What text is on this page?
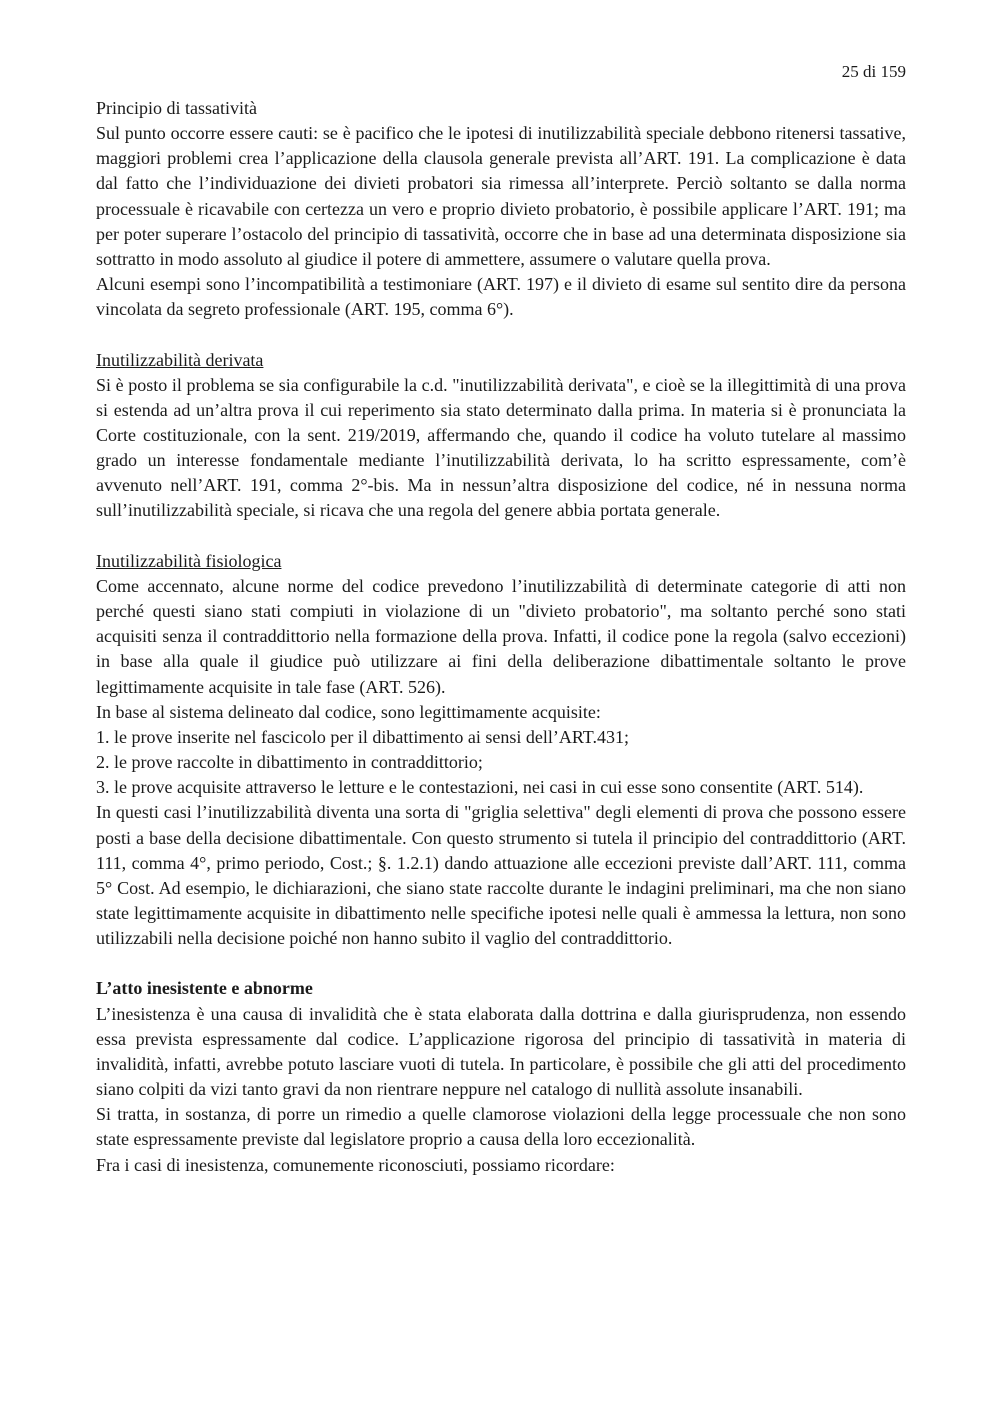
25 di 159

Principio di tassatività

Sul punto occorre essere cauti: se è pacifico che le ipotesi di inutilizzabilità speciale debbono ritenersi tassative, maggiori problemi crea l’applicazione della clausola generale prevista all’ART. 191. La complicazione è data dal fatto che l’individuazione dei divieti probatori sia rimessa all’interprete. Perciò soltanto se dalla norma processuale è ricavabile con certezza un vero e proprio divieto probatorio, è possibile applicare l’ART. 191; ma per poter superare l’ostacolo del principio di tassatività, occorre che in base ad una determinata disposizione sia sottratto in modo assoluto al giudice il potere di ammettere, assumere o valutare quella prova.

Alcuni esempi sono l’incompatibilità a testimoniare (ART. 197) e il divieto di esame sul sentito dire da persona vincolata da segreto professionale (ART. 195, comma 6°).

Inutilizzabilità derivata

Si è posto il problema se sia configurabile la c.d. "inutilizzabilità derivata", e cioè se la illegittimità di una prova si estenda ad un’altra prova il cui reperimento sia stato determinato dalla prima. In materia si è pronunciata la Corte costituzionale, con la sent. 219/2019, affermando che, quando il codice ha voluto tutelare al massimo grado un interesse fondamentale mediante l’inutilizzabilità derivata, lo ha scritto espressamente, com’è avvenuto nell’ART. 191, comma 2°-bis. Ma in nessun’altra disposizione del codice, né in nessuna norma sull’inutilizzabilità speciale, si ricava che una regola del genere abbia portata generale.

Inutilizzabilità fisiologica

Come accennato, alcune norme del codice prevedono l’inutilizzabilità di determinate categorie di atti non perché questi siano stati compiuti in violazione di un "divieto probatorio", ma soltanto perché sono stati acquisiti senza il contraddittorio nella formazione della prova. Infatti, il codice pone la regola (salvo eccezioni) in base alla quale il giudice può utilizzare ai fini della deliberazione dibattimentale soltanto le prove legittimamente acquisite in tale fase (ART. 526).

In base al sistema delineato dal codice, sono legittimamente acquisite:

1. le prove inserite nel fascicolo per il dibattimento ai sensi dell’ART.431;

2. le prove raccolte in dibattimento in contraddittorio;

3. le prove acquisite attraverso le letture e le contestazioni, nei casi in cui esse sono consentite (ART. 514).

In questi casi l’inutilizzabilità diventa una sorta di "griglia selettiva" degli elementi di prova che possono essere posti a base della decisione dibattimentale. Con questo strumento si tutela il principio del contraddittorio (ART. 111, comma 4°, primo periodo, Cost.; §. 1.2.1) dando attuazione alle eccezioni previste dall’ART. 111, comma 5° Cost. Ad esempio, le dichiarazioni, che siano state raccolte durante le indagini preliminari, ma che non siano state legittimamente acquisite in dibattimento nelle specifiche ipotesi nelle quali è ammessa la lettura, non sono utilizzabili nella decisione poiché non hanno subito il vaglio del contraddittorio.

L’atto inesistente e abnorme

L’inesistenza è una causa di invalidità che è stata elaborata dalla dottrina e dalla giurisprudenza, non essendo essa prevista espressamente dal codice. L’applicazione rigorosa del principio di tassatività in materia di invalidità, infatti, avrebbe potuto lasciare vuoti di tutela. In particolare, è possibile che gli atti del procedimento siano colpiti da vizi tanto gravi da non rientrare neppure nel catalogo di nullità assolute insanabili.

Si tratta, in sostanza, di porre un rimedio a quelle clamorose violazioni della legge processuale che non sono state espressamente previste dal legislatore proprio a causa della loro eccezionalità.

Fra i casi di inesistenza, comunemente riconosciuti, possiamo ricordare:
